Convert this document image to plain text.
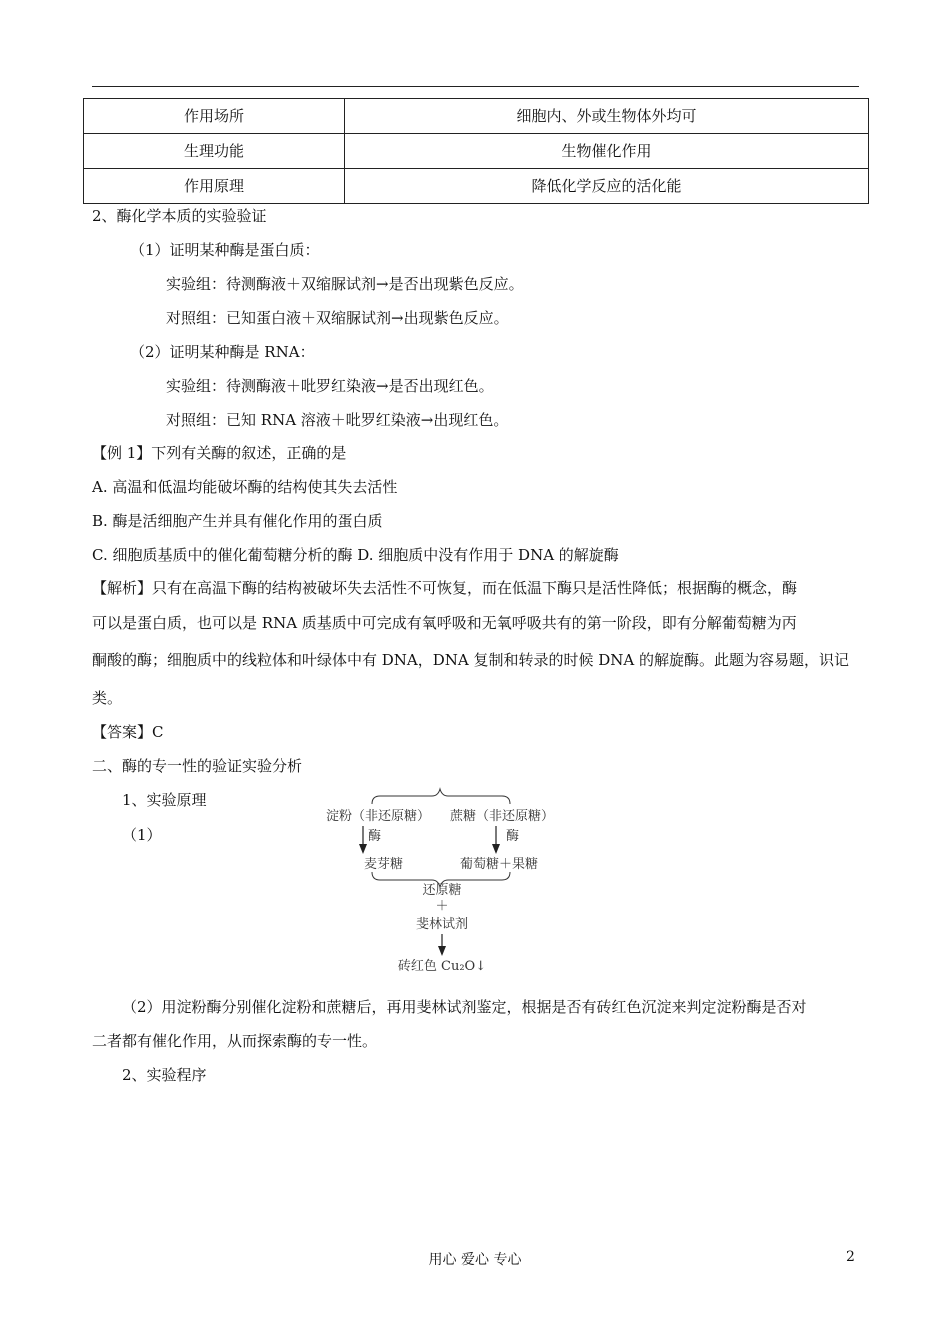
作用场所	细胞内、外或生物体外均可
生理功能	生物催化作用
作用原理	降低化学反应的活化能
2、酶化学本质的实验验证
（1）证明某种酶是蛋白质：
实验组：待测酶液＋双缩脲试剂→是否出现紫色反应。
对照组：已知蛋白液＋双缩脲试剂→出现紫色反应。
（2）证明某种酶是 RNA：
实验组：待测酶液＋吡罗红染液→是否出现红色。
对照组：已知 RNA 溶液＋吡罗红染液→出现红色。
【例 1】下列有关酶的叙述，正确的是
A. 高温和低温均能破坏酶的结构使其失去活性
B. 酶是活细胞产生并具有催化作用的蛋白质
C. 细胞质基质中的催化葡萄糖分析的酶 D. 细胞质中没有作用于 DNA 的解旋酶
【解析】只有在高温下酶的结构被破坏失去活性不可恢复，而在低温下酶只是活性降低；根据酶的概念，酶
可以是蛋白质，也可以是 RNA 质基质中可完成有氧呼吸和无氧呼吸共有的第一阶段，即有分解葡萄糖为丙
酮酸的酶；细胞质中的线粒体和叶绿体中有 DNA，DNA 复制和转录的时候 DNA 的解旋酶。此题为容易题，识记
类。
【答案】C
二、酶的专一性的验证实验分析
1、实验原理
（1）
淀粉（非还原糖） 蔗糖（非还原糖）
酶	酶
麦芽糖	葡萄糖＋果糖
还原糖
＋
斐林试剂
砖红色 Cu₂O↓
（2）用淀粉酶分别催化淀粉和蔗糖后，再用斐林试剂鉴定，根据是否有砖红色沉淀来判定淀粉酶是否对
二者都有催化作用，从而探索酶的专一性。
2、实验程序
用心 爱心 专心	2
